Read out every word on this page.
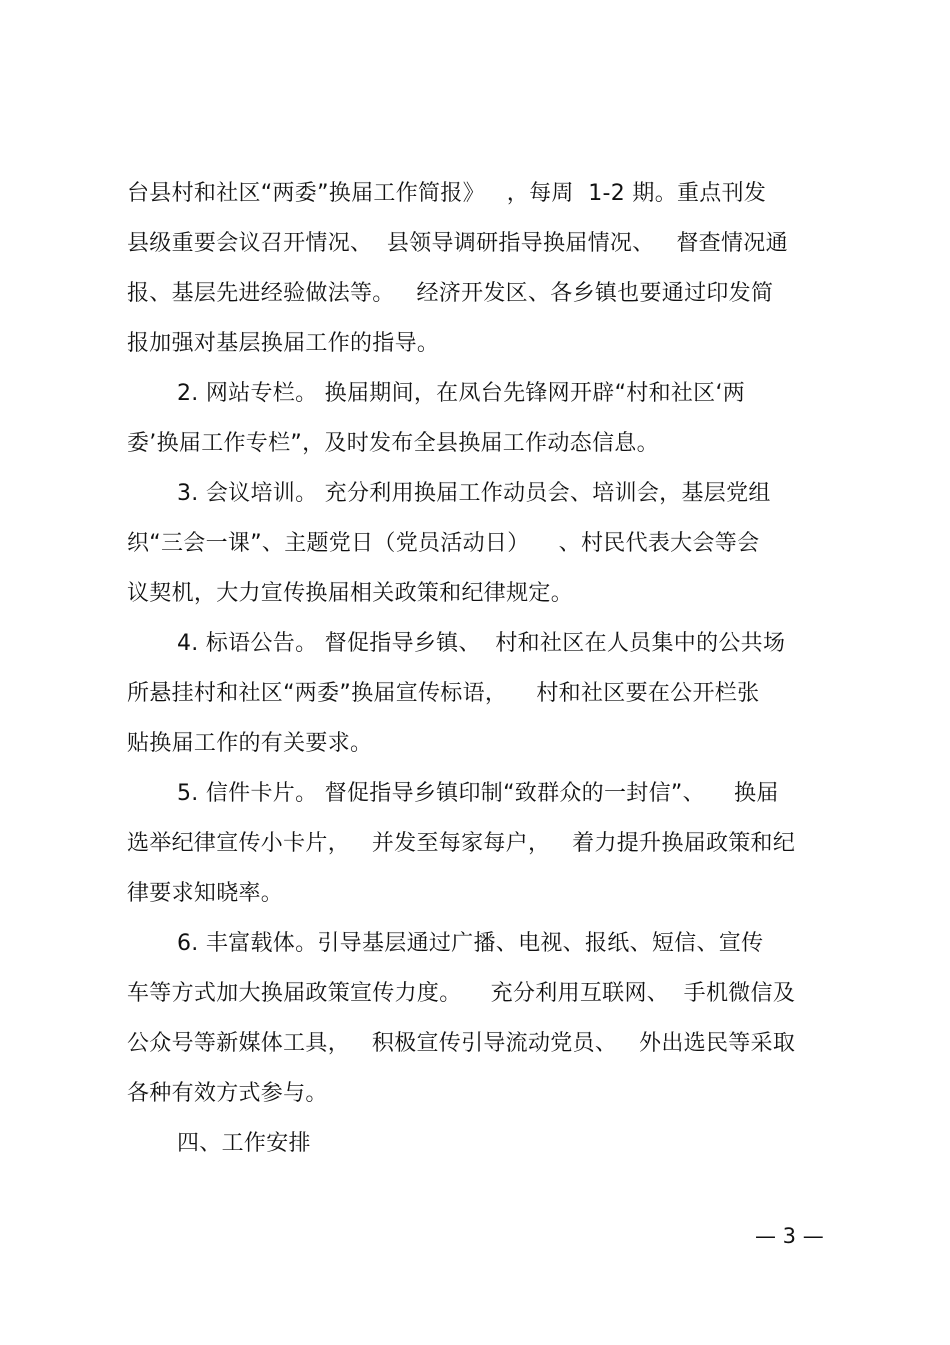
台县村和社区“两委”换届工作简报》   ，每周  1-2 期。重点刊发
县级重要会议召开情况、  县领导调研指导换届情况、   督查情况通
报、基层先进经验做法等。   经济开发区、各乡镇也要通过印发简
报加强对基层换届工作的指导。
2. 网站专栏。 换届期间，在凤台先锋网开辟“村和社区‘两
委’换届工作专栏”，及时发布全县换届工作动态信息。
3. 会议培训。 充分利用换届工作动员会、培训会，基层党组
织“三会一课”、主题党日（党员活动日）    、村民代表大会等会
议契机，大力宣传换届相关政策和纪律规定。
4. 标语公告。 督促指导乡镇、  村和社区在人员集中的公共场
所悬挂村和社区“两委”换届宣传标语，    村和社区要在公开栏张
贴换届工作的有关要求。
5. 信件卡片。 督促指导乡镇印制“致群众的一封信”、    换届
选举纪律宣传小卡片，   并发至每家每户，   着力提升换届政策和纪
律要求知晓率。
6. 丰富载体。引导基层通过广播、电视、报纸、短信、宣传
车等方式加大换届政策宣传力度。    充分利用互联网、  手机微信及
公众号等新媒体工具，   积极宣传引导流动党员、   外出选民等采取
各种有效方式参与。
四、工作安排
— 3 —
